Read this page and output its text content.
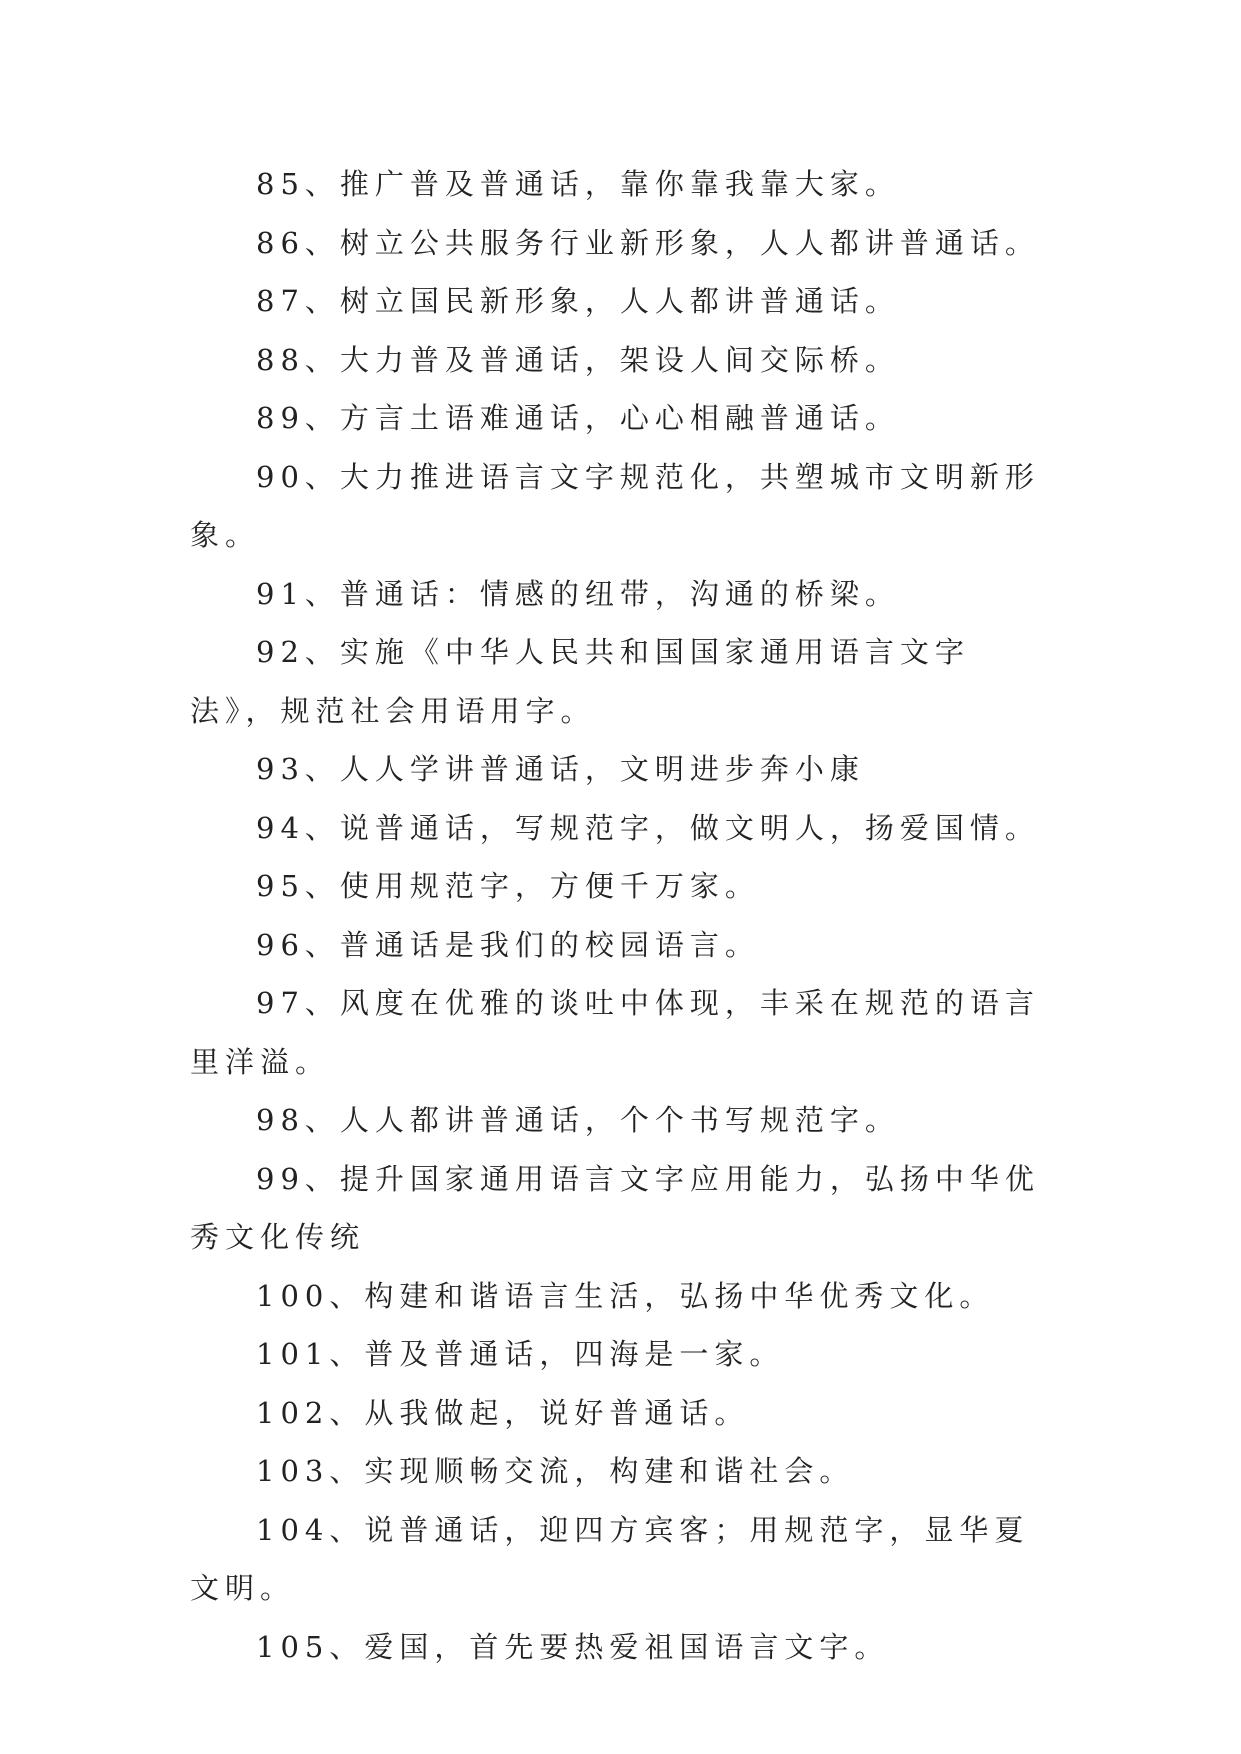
85、推广普及普通话，靠你靠我靠大家。

86、树立公共服务行业新形象，人人都讲普通话。

87、树立国民新形象，人人都讲普通话。

88、大力普及普通话，架设人间交际桥。

89、方言土语难通话，心心相融普通话。

90、大力推进语言文字规范化，共塑城市文明新形象。

91、普通话：情感的纽带，沟通的桥梁。

92、实施《中华人民共和国国家通用语言文字法》，规范社会用语用字。

93、人人学讲普通话，文明进步奔小康

94、说普通话，写规范字，做文明人，扬爱国情。

95、使用规范字，方便千万家。

96、普通话是我们的校园语言。

97、风度在优雅的谈吐中体现，丰采在规范的语言里洋溢。

98、人人都讲普通话，个个书写规范字。

99、提升国家通用语言文字应用能力，弘扬中华优秀文化传统

100、构建和谐语言生活，弘扬中华优秀文化。

101、普及普通话，四海是一家。

102、从我做起，说好普通话。

103、实现顺畅交流，构建和谐社会。

104、说普通话，迎四方宾客；用规范字，显华夏文明。

105、爱国，首先要热爱祖国语言文字。
